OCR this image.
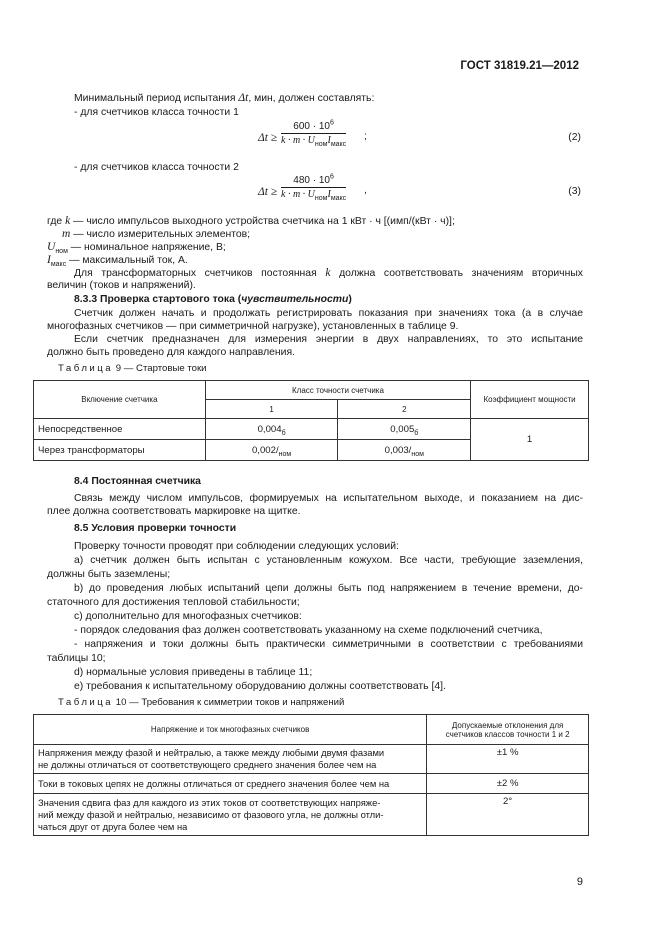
ГОСТ 31819.21—2012
Минимальный период испытания Δt, мин, должен составлять:
- для счетчиков класса точности 1
Δt ≥
$600 \cdot 10^6$
$k \cdot m \cdot U_{ном}I_{макс}$
;	(2)
- для счетчиков класса точности 2
Δt ≥
$480 \cdot 10^6$
$k \cdot m \cdot U_{ном}I_{макс}$
,	(3)
где k — число импульсов выходного устройства счетчика на 1 кВт · ч [(имп/(кВт · ч)];
m — число измерительных элементов;
$U_{ном}$ — номинальное напряжение, В;
$I_{макс}$ — максимальный ток, А.
Для трансформаторных счетчиков постоянная k должна соответствовать значениям вторичных
величин (токов и напряжений).
8.3.3 Проверка стартового тока (чувствительности)
Счетчик должен начать и продолжать регистрировать показания при значениях тока (а в случае
многофазных счетчиков — при симметричной нагрузке), установленных в таблице 9.
Если счетчик предназначен для измерения энергии в двух направлениях, то это испытание
должно быть проведено для каждого направления.
Таблица 9 — Стартовые токи
Включение счетчика	Класс точности счетчика		Коэффициент мощности
	1	2	
Непосредственное	$0,004_б$	$0,005_б$	1
Через трансформаторы	$0,002/_{ном}$	$0,003/_{ном}$
8.4 Постоянная счетчика
Связь между числом импульсов, формируемых на испытательном выходе, и показанием на дис-
плее должна соответствовать маркировке на щитке.
8.5 Условия проверки точности
Проверку точности проводят при соблюдении следующих условий:
а) счетчик должен быть испытан с установленным кожухом. Все части, требующие заземления,
должны быть заземлены;
b) до проведения любых испытаний цепи должны быть под напряжением в течение времени, до-
статочного для достижения тепловой стабильности;
с) дополнительно для многофазных счетчиков:
- порядок следования фаз должен соответствовать указанному на схеме подключений счетчика,
- напряжения и токи должны быть практически симметричными в соответствии с требованиями
таблицы 10;
d) нормальные условия приведены в таблице 11;
е) требования к испытательному оборудованию должны соответствовать [4].
Таблица 10 — Требования к симметрии токов и напряжений
Напряжение и ток многофазных счетчиков	Допускаемые отклонения для
счетчиков классов точности 1 и 2
Напряжения между фазой и нейтралью, а также между любыми двумя фазами
не должны отличаться от соответствующего среднего значения более чем на	±1 %
Токи в токовых цепях не должны отличаться от среднего значения более чем на	±2 %
Значения сдвига фаз для каждого из этих токов от соответствующих напряже-
ний между фазой и нейтралью, независимо от фазового угла, не должны отли-
чаться друг от друга более чем на	2°
9
